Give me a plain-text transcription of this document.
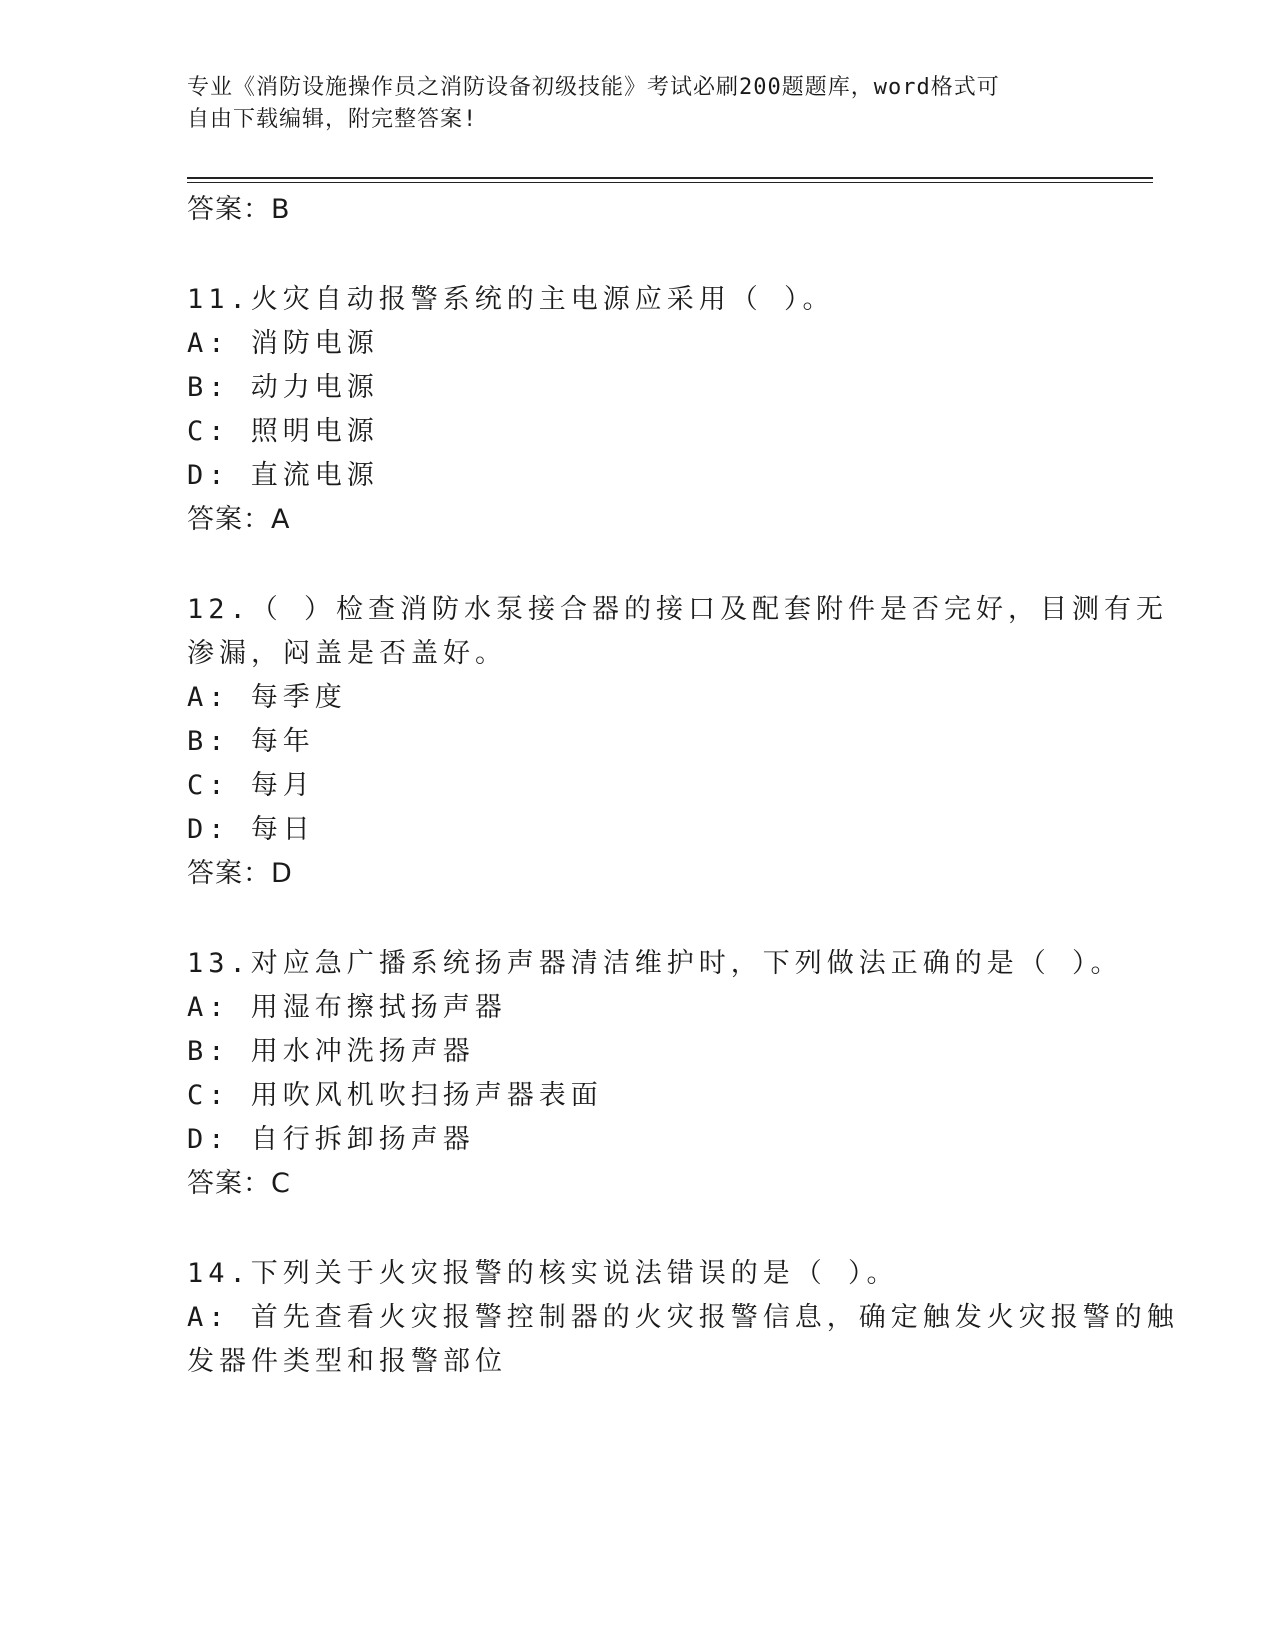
专业《消防设施操作员之消防设备初级技能》考试必刷200题题库，word格式可
自由下载编辑，附完整答案!
答案：B
11.火灾自动报警系统的主电源应采用（ ）。
A: 消防电源
B: 动力电源
C: 照明电源
D: 直流电源
答案：A
12.（ ）检查消防水泵接合器的接口及配套附件是否完好，目测有无
渗漏，闷盖是否盖好。
A: 每季度
B: 每年
C: 每月
D: 每日
答案：D
13.对应急广播系统扬声器清洁维护时，下列做法正确的是（ ）。
A: 用湿布擦拭扬声器
B: 用水冲洗扬声器
C: 用吹风机吹扫扬声器表面
D: 自行拆卸扬声器
答案：C
14.下列关于火灾报警的核实说法错误的是（ ）。
A: 首先查看火灾报警控制器的火灾报警信息，确定触发火灾报警的触
发器件类型和报警部位
